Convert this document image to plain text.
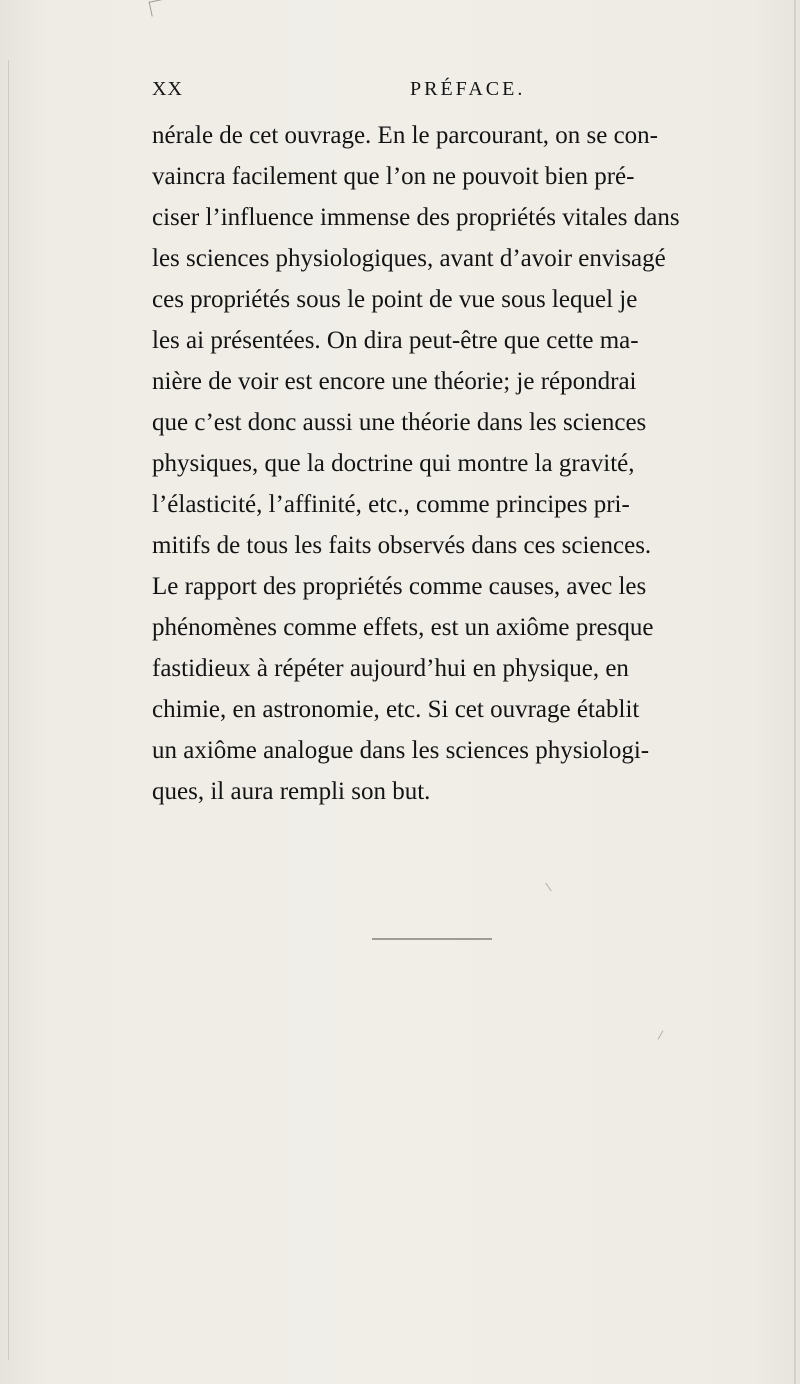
XX	PRÉFACE.
nérale de cet ouvrage. En le parcourant, on se con-
vaincra facilement que l’on ne pouvoit bien pré-
ciser l’influence immense des propriétés vitales dans
les sciences physiologiques, avant d’avoir envisagé
ces propriétés sous le point de vue sous lequel je
les ai présentées. On dira peut-être que cette ma-
nière de voir est encore une théorie; je répondrai
que c’est donc aussi une théorie dans les sciences
physiques, que la doctrine qui montre la gravité,
l’élasticité, l’affinité, etc., comme principes pri-
mitifs de tous les faits observés dans ces sciences.
Le rapport des propriétés comme causes, avec les
phénomènes comme effets, est un axiôme presque
fastidieux à répéter aujourd’hui en physique, en
chimie, en astronomie, etc. Si cet ouvrage établit
un axiôme analogue dans les sciences physiologi-
ques, il aura rempli son but.
